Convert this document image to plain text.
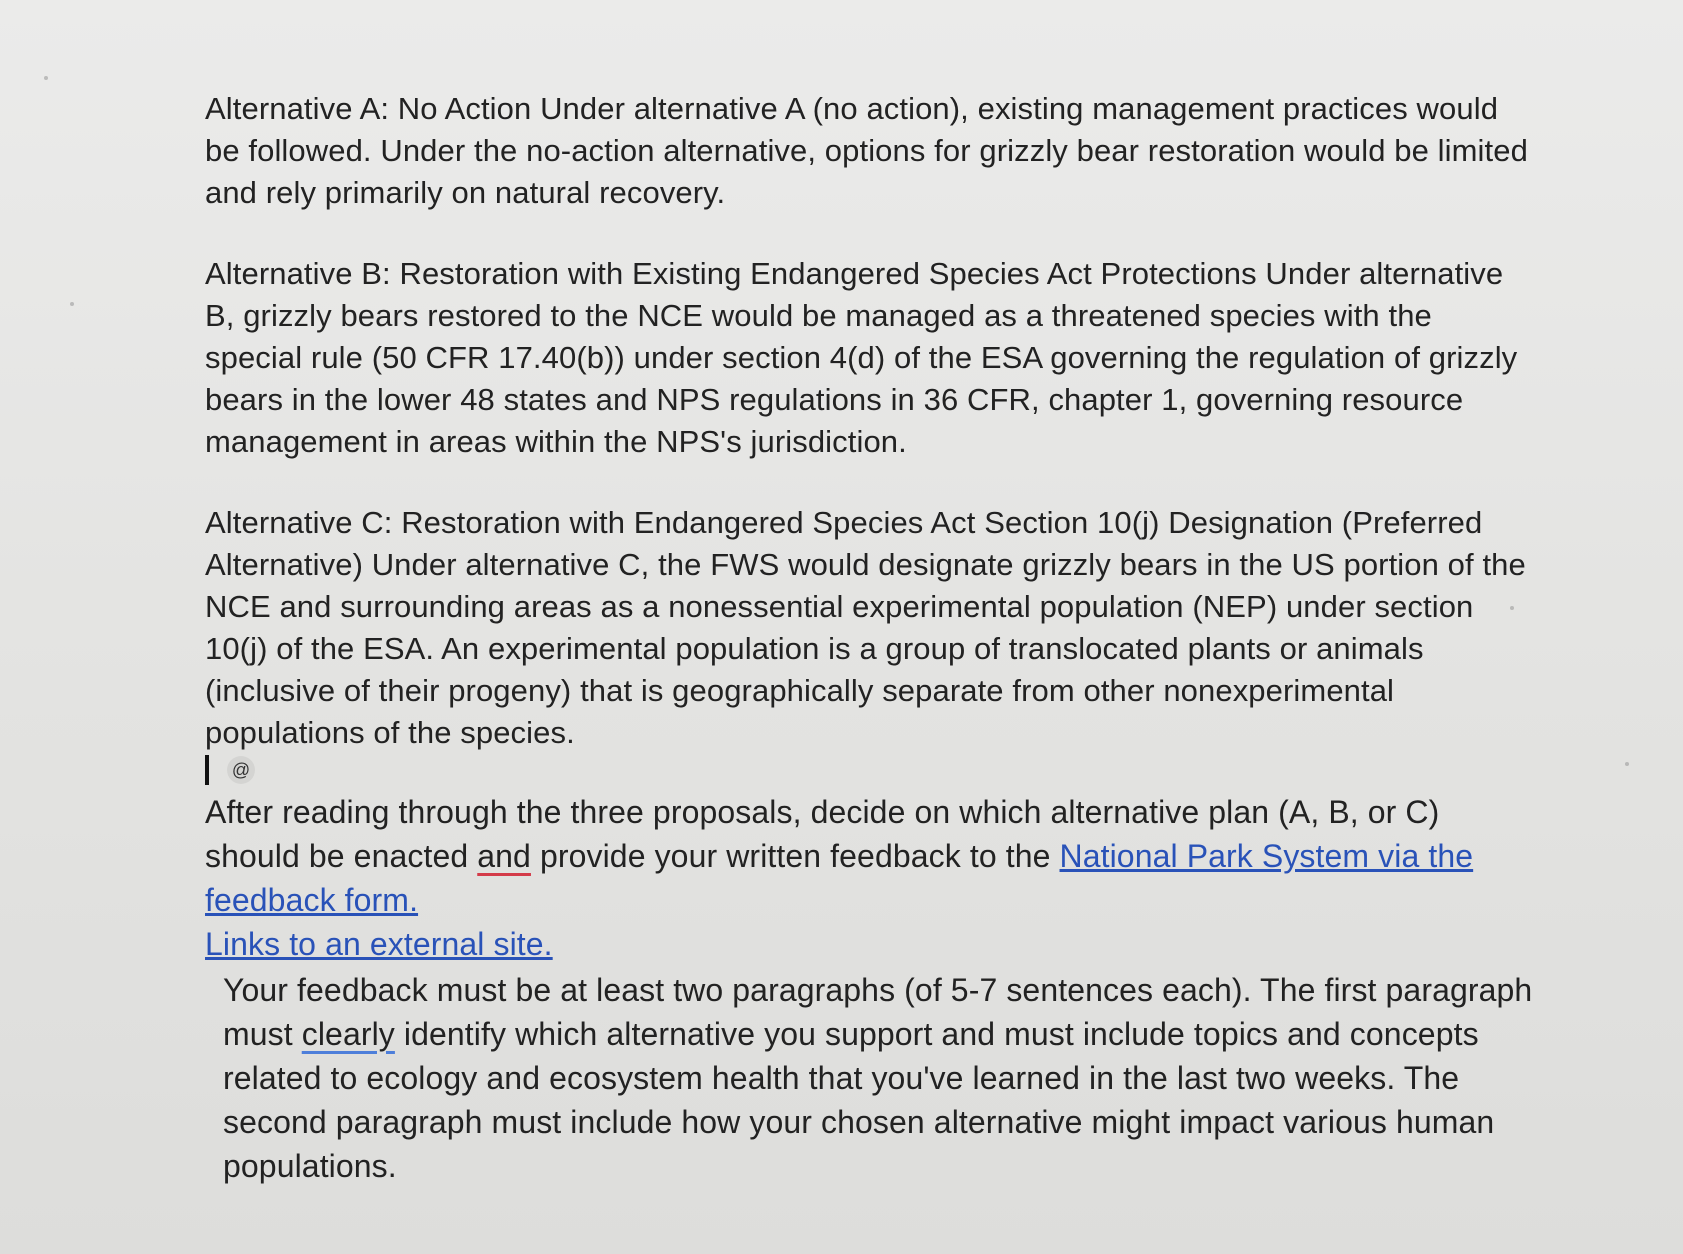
Alternative A: No Action Under alternative A (no action), existing management practices would be followed. Under the no-action alternative, options for grizzly bear restoration would be limited and rely primarily on natural recovery.

Alternative B: Restoration with Existing Endangered Species Act Protections Under alternative B, grizzly bears restored to the NCE would be managed as a threatened species with the special rule (50 CFR 17.40(b)) under section 4(d) of the ESA governing the regulation of grizzly bears in the lower 48 states and NPS regulations in 36 CFR, chapter 1, governing resource management in areas within the NPS's jurisdiction.

Alternative C: Restoration with Endangered Species Act Section 10(j) Designation (Preferred Alternative) Under alternative C, the FWS would designate grizzly bears in the US portion of the NCE and surrounding areas as a nonessential experimental population (NEP) under section 10(j) of the ESA. An experimental population is a group of translocated plants or animals (inclusive of their progeny) that is geographically separate from other nonexperimental populations of the species.

@
After reading through the three proposals, decide on which alternative plan (A, B, or C) should be enacted and provide your written feedback to the National Park System via the feedback form.
Links to an external site.
Your feedback must be at least two paragraphs (of 5-7 sentences each). The first paragraph must clearly identify which alternative you support and must include topics and concepts related to ecology and ecosystem health that you've learned in the last two weeks. The second paragraph must include how your chosen alternative might impact various human populations.
